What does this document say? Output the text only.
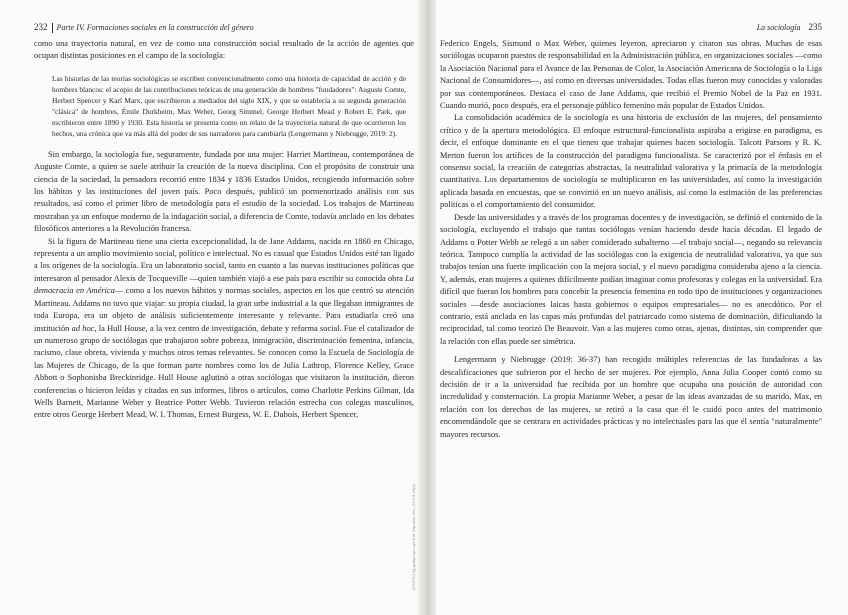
232 Parte IV. Formaciones sociales en la construcción del género

como una trayectoria natural, en vez de como una construcción social resultado de la acción de agentes que ocupan distintas posiciones en el campo de la sociología:

Las historias de las teorías sociológicas se escriben convencionalmente como una historia de capacidad de acción y de hombres blancos: el acopio de las contribuciones teóricas de una generación de hombres "fundadores": Auguste Comte, Herbert Spencer y Karl Marx, que escribieron a mediados del siglo XIX, y que se establecía a su segunda generación "clásica" de hombres, Émile Durkheim, Max Weber, Georg Simmel, George Herbert Mead y Robert E. Park, que escribieron entre 1890 y 1930. Esta historia se presenta como un relato de la trayectoria natural de que ocurrieron los hechos, una crónica que va más allá del poder de sus narradores para cambiarla (Lengermann y Niebrugge, 2019: 2).

Sin embargo, la sociología fue, seguramente, fundada por una mujer: Harriet Martineau, contemporánea de Auguste Comte, a quien se suele atribuir la creación de la nueva disciplina. Con el propósito de construir una ciencia de la sociedad, la pensadora recorrió entre 1834 y 1836 Estados Unidos, recogiendo información sobre los hábitos y las instituciones del joven país. Poco después, publicó un pormenorizado análisis con sus resultados, así como el primer libro de metodología para el estudio de la sociedad. Los trabajos de Martineau mostraban ya un enfoque moderno de la indagación social, a diferencia de Comte, todavía anclado en los debates filosóficos anteriores a la Revolución francesa.

Si la figura de Martineau tiene una cierta excepcionalidad, la de Jane Addams, nacida en 1860 en Chicago, representa a un amplio movimiento social, político e intelectual. No es casual que Estados Unidos esté tan ligado a los orígenes de la sociología. Era un laboratorio social, tanto en cuanto a las nuevas instituciones políticas que interesaron al pensador Alexis de Tocqueville —quien también viajó a ese país para escribir su conocida obra La democracia en América— como a los nuevos hábitos y normas sociales, aspectos en los que centró su atención Martineau. Addams no tuvo que viajar: su propia ciudad, la gran urbe industrial a la que llegaban inmigrantes de toda Europa, era un objeto de análisis suficientemente interesante y relevante. Para estudiarla creó una institución ad hoc, la Hull House, a la vez centro de investigación, debate y reforma social. Fue el catalizador de un numeroso grupo de sociólogas que trabajaron sobre pobreza, inmigración, discriminación femenina, infancia, racismo, clase obrera, vivienda y muchos otros temas relevantes. Se conocen como la Escuela de Sociología de las Mujeres de Chicago, de la que forman parte nombres como los de Julia Lathrop, Florence Kelley, Grace Abbott o Sophonisba Breckinridge. Hull House aglutinó a otras sociólogas que visitaron la institución, dieron conferencias o hicieron leídas y citadas en sus informes, libros o artículos, como Charlotte Perkins Gilman, Ida Wells Barnett, Marianne Weber y Beatrice Potter Webb. Tuvieron relación estrecha con colegas masculinos, entre otros George Herbert Mead, W. I. Thomas, Ernest Burgess, W. E. Dubois, Herbert Spencer,

[ZGZHV] Kjj-gsijsjd Lpn-opt-6 tit Sapunoy Stra, ZOZ-8-z6(9)
La sociología 235

Federico Engels, Sismund o Max Weber, quienes leyeron, apreciaron y citaron sus obras. Muchas de esas sociólogas ocuparon puestos de responsabilidad en la Administración pública, en organizaciones sociales —como la Asociación Nacional para el Avance de las Personas de Color, la Asociación Americana de Sociología o la Liga Nacional de Consumidores—, así como en diversas universidades. Todas ellas fueron muy conocidas y valoradas por sus contemporáneos. Destaca el caso de Jane Addams, que recibió el Premio Nobel de la Paz en 1931. Cuando murió, poco después, era el personaje público femenino más popular de Estados Unidos.

La consolidación académica de la sociología es una historia de exclusión de las mujeres, del pensamiento crítico y de la apertura metodológica. El enfoque estructural-funcionalista aspiraba a erigirse en paradigma, es decir, el enfoque dominante en el que tienen que trabajar quienes hacen sociología. Talcott Parsons y R. K. Merton fueron los artífices de la construcción del paradigma funcionalista. Se caracterizó por el énfasis en el consenso social, la creación de categorías abstractas, la neutralidad valorativa y la primacía de la metodología cuantitativa. Los departamentos de sociología se multiplicaron en las universidades, así como la investigación aplicada basada en encuestas, que se convirtió en un nuevo análisis, así como la estimación de las preferencias políticas o el comportamiento del consumidor.

Desde las universidades y a través de los programas docentes y de investigación, se definió el contenido de la sociología, excluyendo el trabajo que tantas sociólogas venían haciendo desde hacía décadas. El legado de Addams o Potter Webb se relegó a un saber considerado subalterno —el trabajo social—, negando su relevancia teórica. Tampoco cumplía la actividad de las sociólogas con la exigencia de neutralidad valorativa, ya que sus trabajos tenían una fuerte implicación con la mejora social, y el nuevo paradigma consideraba ajeno a la ciencia. Y, además, eran mujeres a quienes difícilmente podían imaginar como profesoras y colegas en la universidad. Era difícil que fueran los hombres para concebir la presencia femenina en todo tipo de instituciones y organizaciones sociales —desde asociaciones laicas hasta gobiernos o equipos empresariales— no es anecdótico. Por el contrario, está anclada en las capas más profundas del patriarcado como sistema de dominación, dificultando la reciprocidad, tal como teorizó De Beauvoir. Van a las mujeres como otras, ajenas, distintas, sin comprender que la relación con ellas puede ser simétrica.

Lengermann y Niebrugge (2019: 36-37) han recogido múltiples referencias de las fundadoras a las descalificaciones que sufrieron por el hecho de ser mujeres. Por ejemplo, Anna Julia Cooper contó como su decisión de ir a la universidad fue recibida por un hombre que ocupaba una posición de autoridad con incredulidad y consternación. La propia Marianne Weber, a pesar de las ideas avanzadas de su marido, Max, en relación con los derechos de las mujeres, se retiró a la casa que él le cuidó poco antes del matrimonio encomendándole que se centrara en actividades prácticas y no intelectuales para las que él sentía "naturalmente" mayores recursos.
